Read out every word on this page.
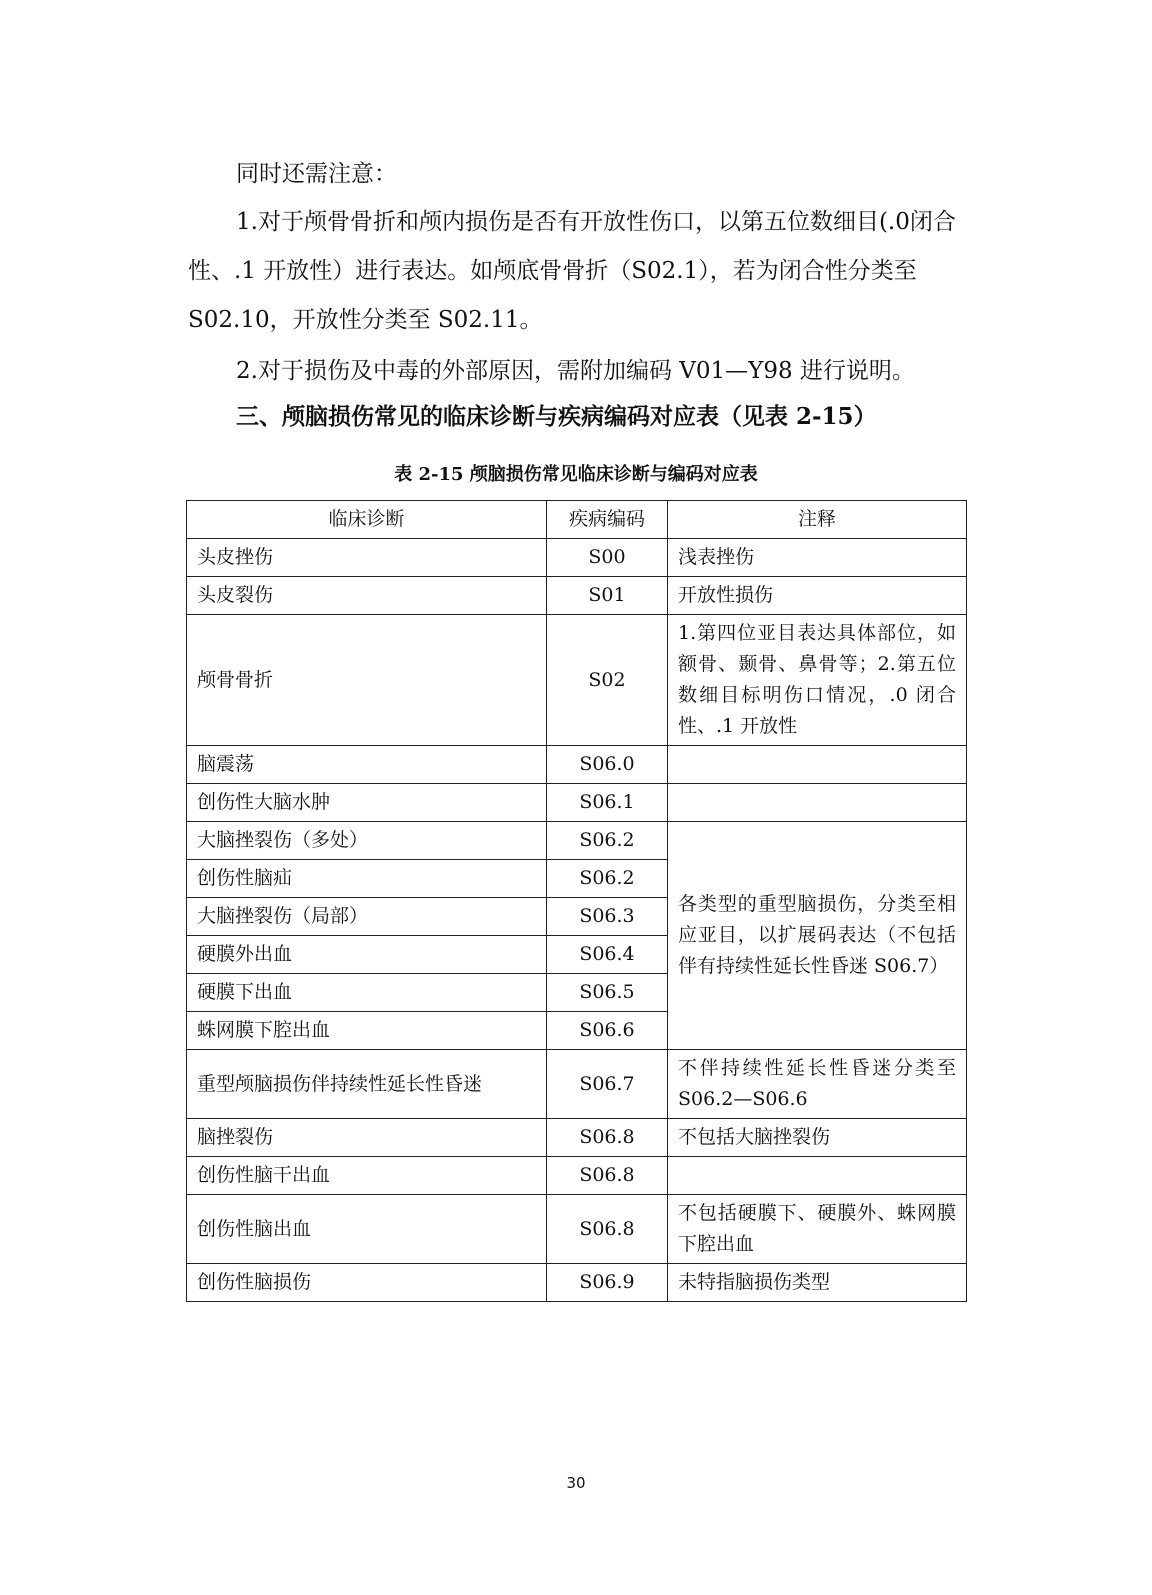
同时还需注意：

1.对于颅骨骨折和颅内损伤是否有开放性伤口，以第五位数细目(.0闭合性、.1 开放性）进行表达。如颅底骨骨折（S02.1），若为闭合性分类至 S02.10，开放性分类至 S02.11。

2.对于损伤及中毒的外部原因，需附加编码 V01—Y98 进行说明。

三、颅脑损伤常见的临床诊断与疾病编码对应表（见表 2-15）

表 2-15 颅脑损伤常见临床诊断与编码对应表

临床诊断	疾病编码	注释
头皮挫伤	S00	浅表挫伤
头皮裂伤	S01	开放性损伤
颅骨骨折	S02	1.第四位亚目表达具体部位，如额骨、颞骨、鼻骨等；2.第五位数细目标明伤口情况，.0 闭合性、.1 开放性
脑震荡	S06.0	
创伤性大脑水肿	S06.1	
大脑挫裂伤（多处）	S06.2	各类型的重型脑损伤，分类至相应亚目，以扩展码表达（不包括伴有持续性延长性昏迷 S06.7）
创伤性脑疝	S06.2	
大脑挫裂伤（局部）	S06.3	
硬膜外出血	S06.4	
硬膜下出血	S06.5	
蛛网膜下腔出血	S06.6	
重型颅脑损伤伴持续性延长性昏迷	S06.7	不伴持续性延长性昏迷分类至 S06.2—S06.6
脑挫裂伤	S06.8	不包括大脑挫裂伤
创伤性脑干出血	S06.8	
创伤性脑出血	S06.8	不包括硬膜下、硬膜外、蛛网膜下腔出血
创伤性脑损伤	S06.9	未特指脑损伤类型

30
